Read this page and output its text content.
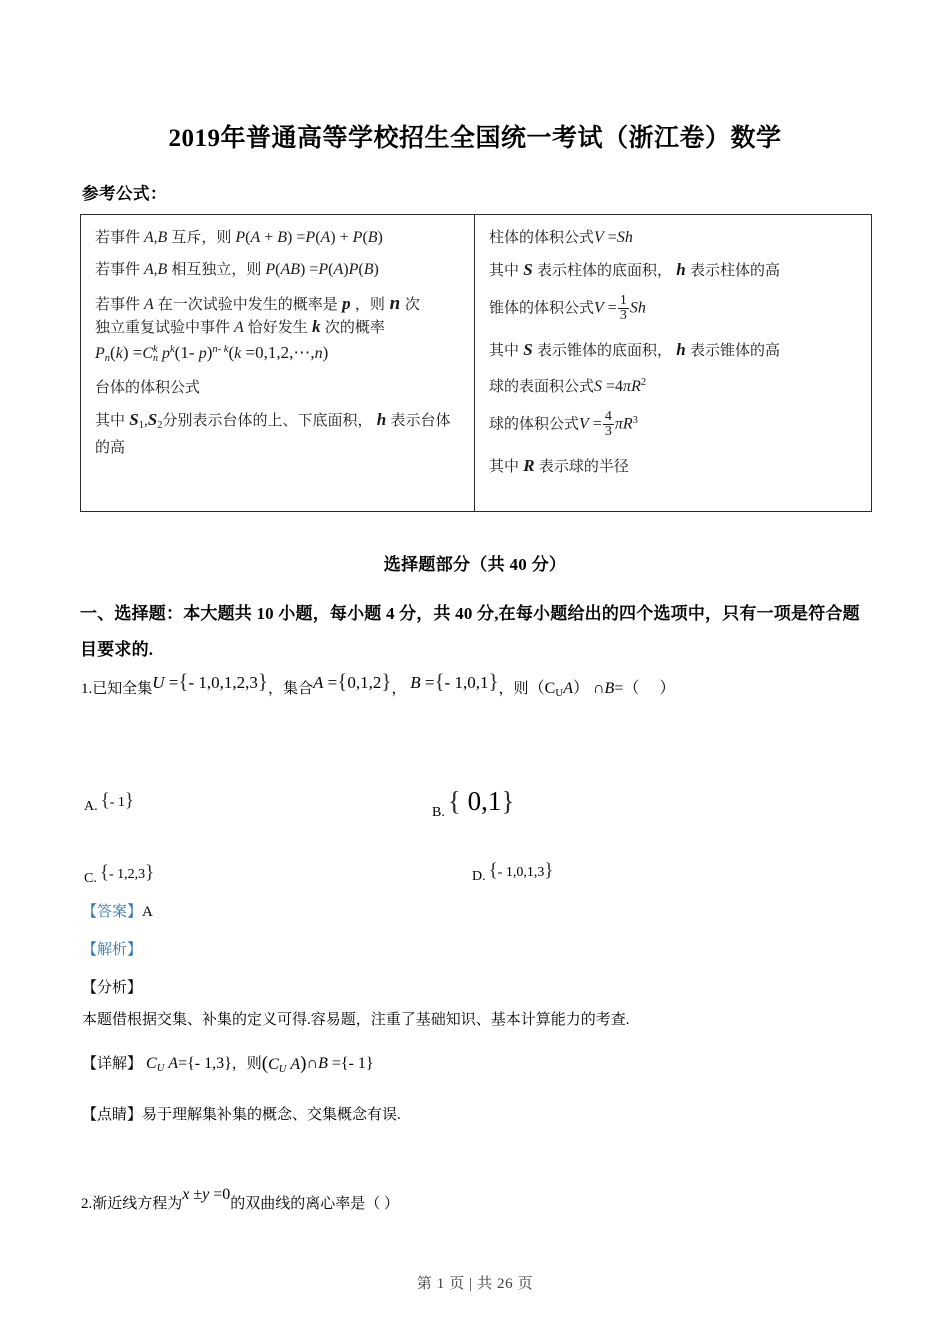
2019年普通高等学校招生全国统一考试（浙江卷）数学
参考公式：
若事件 A,B 互斥，则 P(A + B) =P(A) + P(B)
若事件 A,B 相互独立，则 P(AB) =P(A)P(B)
若事件 A 在一次试验中发生的概率是 p ，则 n 次
独立重复试验中事件 A 恰好发生 k 次的概率
$P_n(k) =C$ k
n $p^k(1-$ p)$^{n- k}$(k =0,1,2,⋯,n)
台体的体积公式
其中 $S_1,S_2$分别表示台体的上、下底面积， h 表示台体的高
柱体的体积公式V =Sh
其中 S 表示柱体的底面积， h 表示柱体的高
锥体的体积公式$V = \frac{1}{3}$ Sh
其中 S 表示锥体的底面积， h 表示锥体的高
球的表面积公式$S =4\pi R^2$
球的体积公式$V = \frac{4}{3} \pi R^3$
其中 R 表示球的半径
选择题部分（共 40 分）
一、选择题：本大题共 10 小题，每小题 4 分，共 40 分,在每小题给出的四个选项中，只有一项是符合题目要求的.
1.已知全集U ={- 1,0,1,2,3}，集合A ={0,1,2}， B ={- 1,0,1}，则$(C_UA)$ ∩B=（     ）
A. {- 1}
B. { 0,1}
C. {- 1,2,3}	D. {- 1,0,1,3}
【答案】A
【解析】
【分析】
本题借根据交集、补集的定义可得.容易题，注重了基础知识、基本计算能力的考查.
【详解】 $C_U$ A={- 1,3}，则($C_U$ A)∩B ={- 1}
【点睛】易于理解集补集的概念、交集概念有误.
2.渐近线方程为x ±y =0的双曲线的离心率是（ ）
第 1 页 | 共 26 页
